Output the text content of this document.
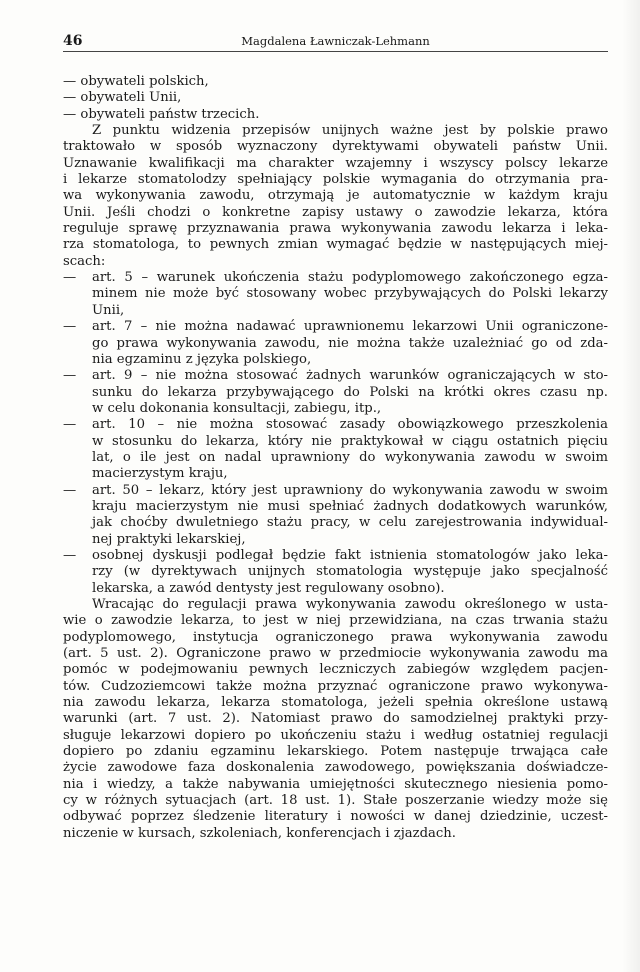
46	Magdalena Ławniczak-Lehmann
— obywateli polskich,
— obywateli Unii,
— obywateli państw trzecich.
Z punktu widzenia przepisów unijnych ważne jest by polskie prawo
traktowało w sposób wyznaczony dyrektywami obywateli państw Unii.
Uznawanie kwalifikacji ma charakter wzajemny i wszyscy polscy lekarze
i lekarze stomatolodzy spełniający polskie wymagania do otrzymania pra-
wa wykonywania zawodu, otrzymają je automatycznie w każdym kraju
Unii. Jeśli chodzi o konkretne zapisy ustawy o zawodzie lekarza, która
reguluje sprawę przyznawania prawa wykonywania zawodu lekarza i leka-
rza stomatologa, to pewnych zmian wymagać będzie w następujących miej-
scach:
—	art. 5 – warunek ukończenia stażu podyplomowego zakończonego egza-
minem nie może być stosowany wobec przybywających do Polski lekarzy
Unii,
—	art. 7 – nie można nadawać uprawnionemu lekarzowi Unii ograniczone-
go prawa wykonywania zawodu, nie można także uzależniać go od zda-
nia egzaminu z języka polskiego,
—	art. 9 – nie można stosować żadnych warunków ograniczających w sto-
sunku do lekarza przybywającego do Polski na krótki okres czasu np.
w celu dokonania konsultacji, zabiegu, itp.,
—	art. 10 – nie można stosować zasady obowiązkowego przeszkolenia
w stosunku do lekarza, który nie praktykował w ciągu ostatnich pięciu
lat, o ile jest on nadal uprawniony do wykonywania zawodu w swoim
macierzystym kraju,
—	art. 50 – lekarz, który jest uprawniony do wykonywania zawodu w swoim
kraju macierzystym nie musi spełniać żadnych dodatkowych warunków,
jak choćby dwuletniego stażu pracy, w celu zarejestrowania indywidual-
nej praktyki lekarskiej,
—	osobnej dyskusji podlegał będzie fakt istnienia stomatologów jako leka-
rzy (w dyrektywach unijnych stomatologia występuje jako specjalność
lekarska, a zawód dentysty jest regulowany osobno).
Wracając do regulacji prawa wykonywania zawodu określonego w usta-
wie o zawodzie lekarza, to jest w niej przewidziana, na czas trwania stażu
podyplomowego, instytucja ograniczonego prawa wykonywania zawodu
(art. 5 ust. 2). Ograniczone prawo w przedmiocie wykonywania zawodu ma
pomóc w podejmowaniu pewnych leczniczych zabiegów względem pacjen-
tów. Cudzoziemcowi także można przyznać ograniczone prawo wykonywa-
nia zawodu lekarza, lekarza stomatologa, jeżeli spełnia określone ustawą
warunki (art. 7 ust. 2). Natomiast prawo do samodzielnej praktyki przy-
sługuje lekarzowi dopiero po ukończeniu stażu i według ostatniej regulacji
dopiero po zdaniu egzaminu lekarskiego. Potem następuje trwająca całe
życie zawodowe faza doskonalenia zawodowego, powiększania doświadcze-
nia i wiedzy, a także nabywania umiejętności skutecznego niesienia pomo-
cy w różnych sytuacjach (art. 18 ust. 1). Stałe poszerzanie wiedzy może się
odbywać poprzez śledzenie literatury i nowości w danej dziedzinie, uczest-
niczenie w kursach, szkoleniach, konferencjach i zjazdach.
